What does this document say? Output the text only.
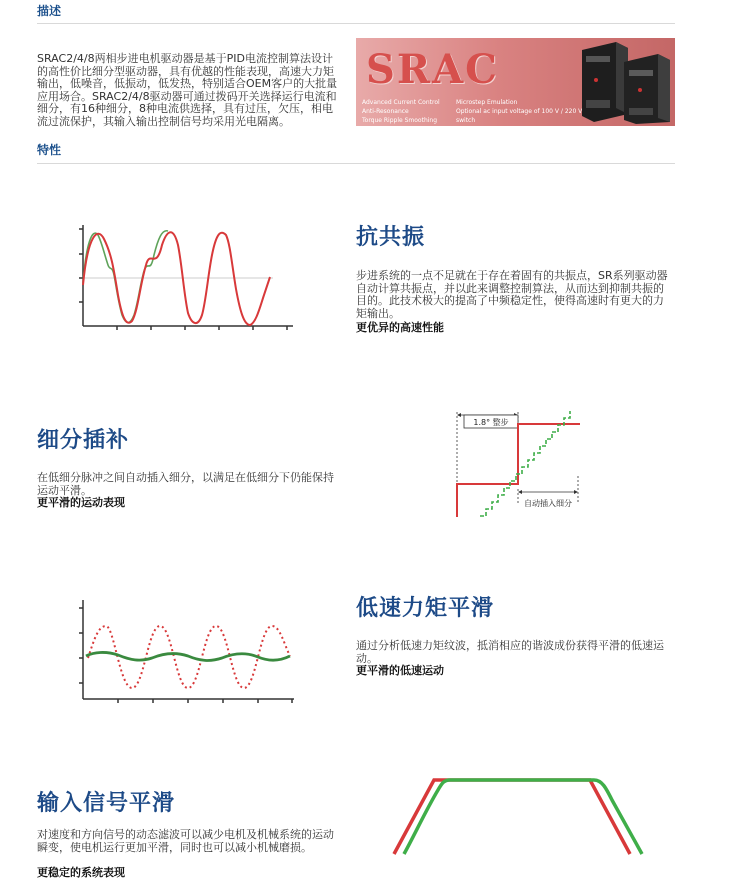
描述
SRAC2/4/8两相步进电机驱动器是基于PID电流控制算法设计的高性价比细分型驱动器，具有优越的性能表现，高速大力矩输出，低噪音，低振动，低发热，特别适合OEM客户的大批量应用场合。SRAC2/4/8驱动器可通过拨码开关选择运行电流和细分，有16种细分，8种电流供选择，具有过压，欠压，相电流过流保护，其输入输出控制信号均采用光电隔离。
SRAC
Advanced Current Control
Anti-Resonance
Torque Ripple Smoothing
Microstep Emulation
Optional ac input voltage of 100 V / 220 V switch
特性
抗共振
步进系统的一点不足就在于存在着固有的共振点，SR系列驱动器自动计算共振点，并以此来调整控制算法，从而达到抑制共振的目的。此技术极大的提高了中频稳定性，使得高速时有更大的力矩输出。
更优异的高速性能
细分插补
在低细分脉冲之间自动插入细分，以满足在低细分下仍能保持运动平滑。
更平滑的运动表现
1.8° 整步
自动插入细分
低速力矩平滑
通过分析低速力矩纹波，抵消相应的谐波成份获得平滑的低速运动。
更平滑的低速运动
输入信号平滑
对速度和方向信号的动态滤波可以减少电机及机械系统的运动瞬变，使电机运行更加平滑，同时也可以减小机械磨损。
更稳定的系统表现
